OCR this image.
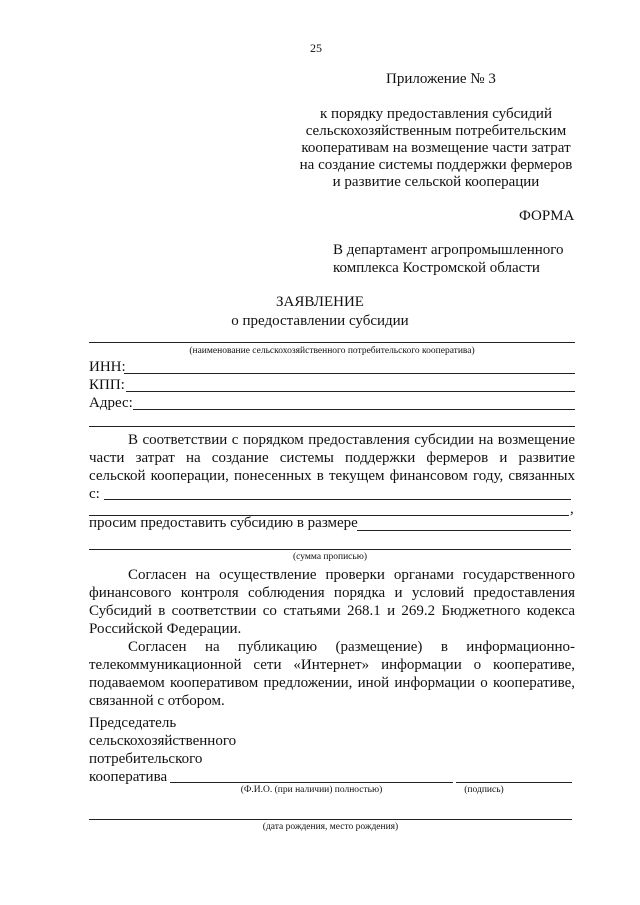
25
Приложение № 3
к порядку предоставления субсидий
сельскохозяйственным потребительским
кооперативам на возмещение части затрат
на создание системы поддержки фермеров
и развитие сельской кооперации
ФОРМА
В департамент агропромышленного
комплекса Костромской области
ЗАЯВЛЕНИЕ
о предоставлении субсидии
(наименование сельскохозяйственного потребительского кооператива)
ИНН:
КПП:
Адрес:
В соответствии с порядком предоставления субсидии на возмещение
части затрат на создание системы поддержки фермеров и развитие
сельской кооперации, понесенных в текущем финансовом году, связанных
с:
,
просим предоставить субсидию в размере
(сумма прописью)
Согласен на осуществление проверки органами государственного
финансового контроля соблюдения порядка и условий предоставления
Субсидий в соответствии со статьями 268.1 и 269.2 Бюджетного кодекса
Российской Федерации.
Согласен на публикацию (размещение) в информационно-
телекоммуникационной сети «Интернет» информации о кооперативе,
подаваемом кооперативом предложении, иной информации о кооперативе,
связанной с отбором.
Председатель
сельскохозяйственного
потребительского
кооператива
(Ф.И.О. (при наличии) полностью)	(подпись)
(дата рождения, место рождения)
